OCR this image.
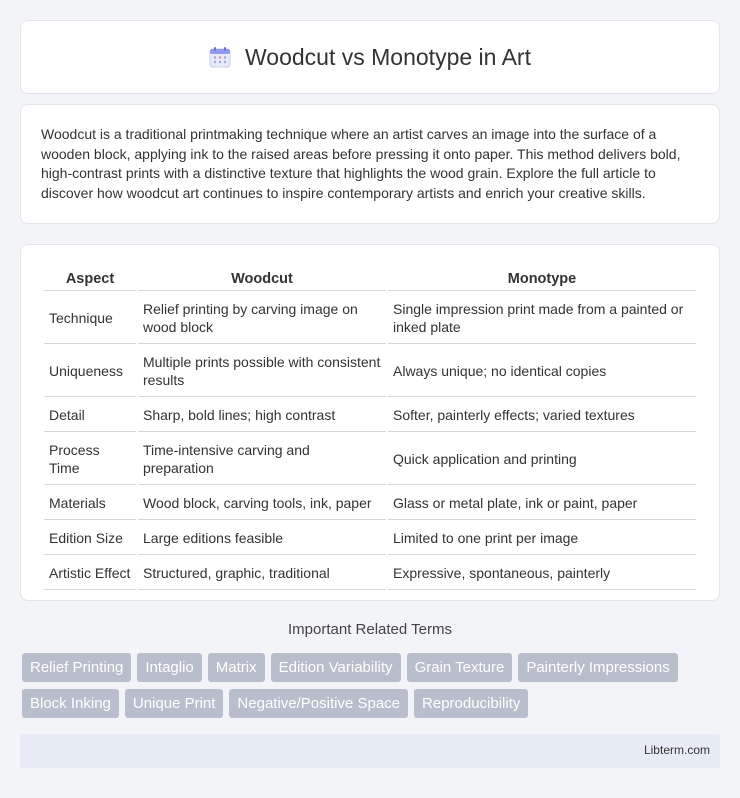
Woodcut vs Monotype in Art

Woodcut is a traditional printmaking technique where an artist carves an image into the surface of a wooden block, applying ink to the raised areas before pressing it onto paper. This method delivers bold, high-contrast prints with a distinctive texture that highlights the wood grain. Explore the full article to discover how woodcut art continues to inspire contemporary artists and enrich your creative skills.

Aspect	Woodcut	Monotype
Technique	Relief printing by carving image on wood block	Single impression print made from a painted or inked plate
Uniqueness	Multiple prints possible with consistent results	Always unique; no identical copies
Detail	Sharp, bold lines; high contrast	Softer, painterly effects; varied textures
Process Time	Time-intensive carving and preparation	Quick application and printing
Materials	Wood block, carving tools, ink, paper	Glass or metal plate, ink or paint, paper
Edition Size	Large editions feasible	Limited to one print per image
Artistic Effect	Structured, graphic, traditional	Expressive, spontaneous, painterly
Important Related Terms
Relief Printing	Intaglio	Matrix	Edition Variability	Grain Texture	Painterly Impressions
Block Inking	Unique Print	Negative/Positive Space	Reproducibility
Libterm.com
